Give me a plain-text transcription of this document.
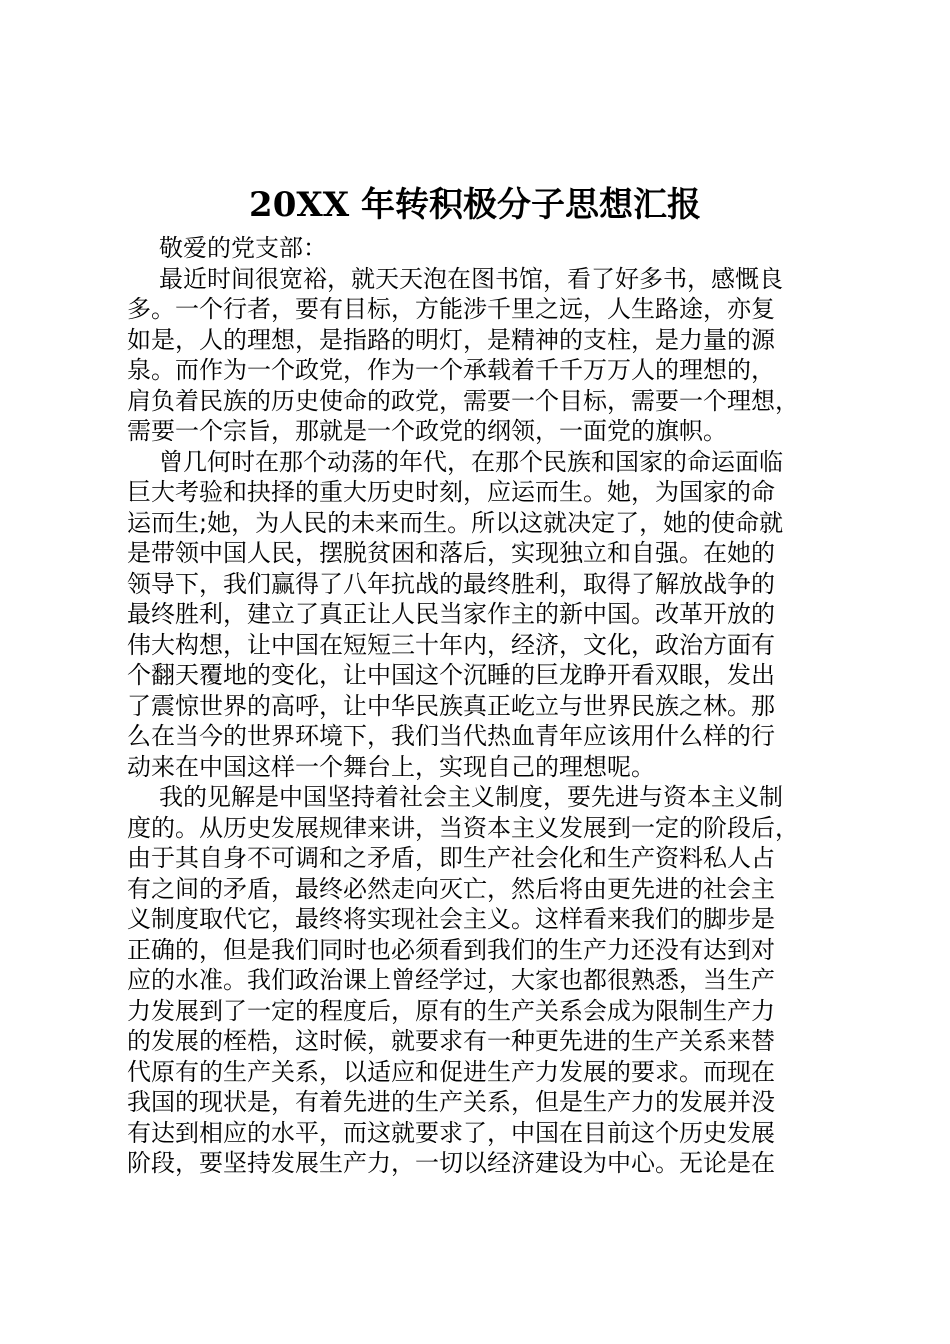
20XX 年转积极分子思想汇报
敬爱的党支部：
最近时间很宽裕，就天天泡在图书馆，看了好多书，感慨良
多。一个行者，要有目标，方能涉千里之远，人生路途，亦复
如是，人的理想，是指路的明灯，是精神的支柱，是力量的源
泉。而作为一个政党，作为一个承载着千千万万人的理想的，
肩负着民族的历史使命的政党，需要一个目标，需要一个理想，
需要一个宗旨，那就是一个政党的纲领，一面党的旗帜。
曾几何时在那个动荡的年代，在那个民族和国家的命运面临
巨大考验和抉择的重大历史时刻，应运而生。她，为国家的命
运而生;她，为人民的未来而生。所以这就决定了，她的使命就
是带领中国人民，摆脱贫困和落后，实现独立和自强。在她的
领导下，我们赢得了八年抗战的最终胜利，取得了解放战争的
最终胜利，建立了真正让人民当家作主的新中国。改革开放的
伟大构想，让中国在短短三十年内，经济，文化，政治方面有
个翻天覆地的变化，让中国这个沉睡的巨龙睁开看双眼，发出
了震惊世界的高呼，让中华民族真正屹立与世界民族之林。那
么在当今的世界环境下，我们当代热血青年应该用什么样的行
动来在中国这样一个舞台上，实现自己的理想呢。
我的见解是中国坚持着社会主义制度，要先进与资本主义制
度的。从历史发展规律来讲，当资本主义发展到一定的阶段后，
由于其自身不可调和之矛盾，即生产社会化和生产资料私人占
有之间的矛盾，最终必然走向灭亡，然后将由更先进的社会主
义制度取代它，最终将实现社会主义。这样看来我们的脚步是
正确的，但是我们同时也必须看到我们的生产力还没有达到对
应的水准。我们政治课上曾经学过，大家也都很熟悉，当生产
力发展到了一定的程度后，原有的生产关系会成为限制生产力
的发展的桎梏，这时候，就要求有一种更先进的生产关系来替
代原有的生产关系，以适应和促进生产力发展的要求。而现在
我国的现状是，有着先进的生产关系，但是生产力的发展并没
有达到相应的水平，而这就要求了，中国在目前这个历史发展
阶段，要坚持发展生产力，一切以经济建设为中心。无论是在
